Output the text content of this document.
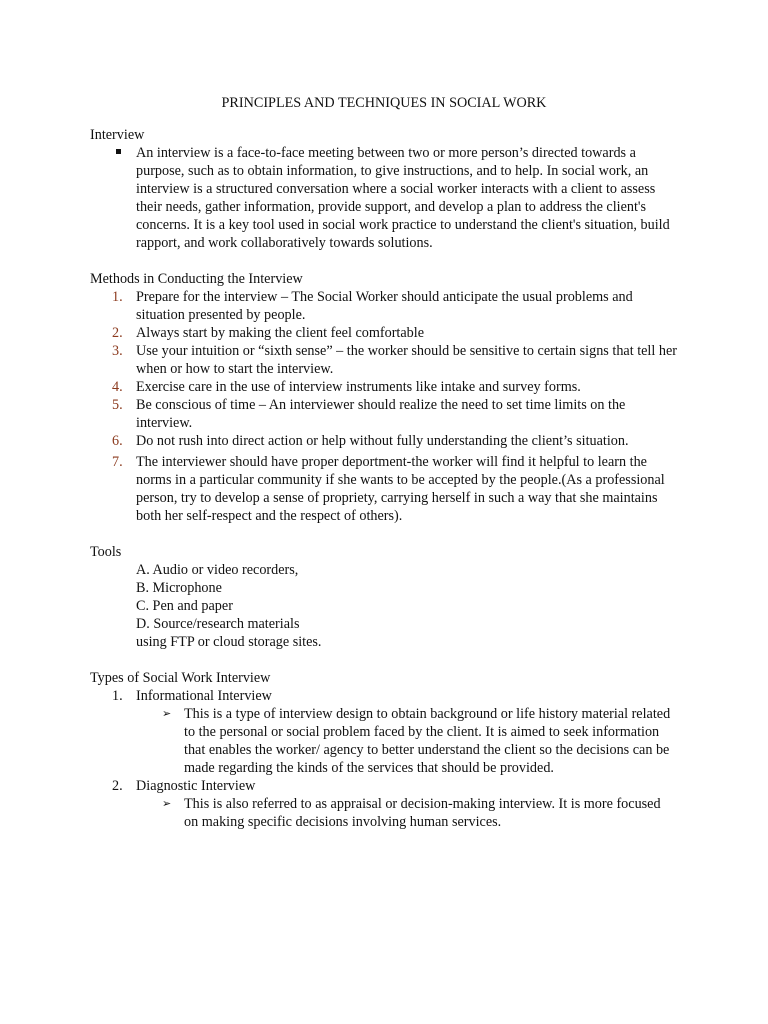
PRINCIPLES AND TECHNIQUES IN SOCIAL WORK

Interview

An interview is a face-to-face meeting between two or more person’s directed towards a purpose, such as to obtain information, to give instructions, and to help. In social work, an interview is a structured conversation where a social worker interacts with a client to assess their needs, gather information, provide support, and develop a plan to address the client's concerns. It is a key tool used in social work practice to understand the client's situation, build rapport, and work collaboratively towards solutions.

Methods in Conducting the Interview

1. Prepare for the interview – The Social Worker should anticipate the usual problems and situation presented by people.
2. Always start by making the client feel comfortable
3. Use your intuition or “sixth sense” – the worker should be sensitive to certain signs that tell her when or how to start the interview.
4. Exercise care in the use of interview instruments like intake and survey forms.
5. Be conscious of time – An interviewer should realize the need to set time limits on the interview.
6. Do not rush into direct action or help without fully understanding the client’s situation.
7. The interviewer should have proper deportment-the worker will find it helpful to learn the norms in a particular community if she wants to be accepted by the people.(As a professional person, try to develop a sense of propriety, carrying herself in such a way that she maintains both her self-respect and the respect of others).

Tools

A. Audio or video recorders,
B. Microphone
C. Pen and paper
D. Source/research materials
using FTP or cloud storage sites.

Types of Social Work Interview

1. Informational Interview
➢ This is a type of interview design to obtain background or life history material related to the personal or social problem faced by the client. It is aimed to seek information that enables the worker/ agency to better understand the client so the decisions can be made regarding the kinds of the services that should be provided.
2. Diagnostic Interview
➢ This is also referred to as appraisal or decision-making interview. It is more focused on making specific decisions involving human services.
